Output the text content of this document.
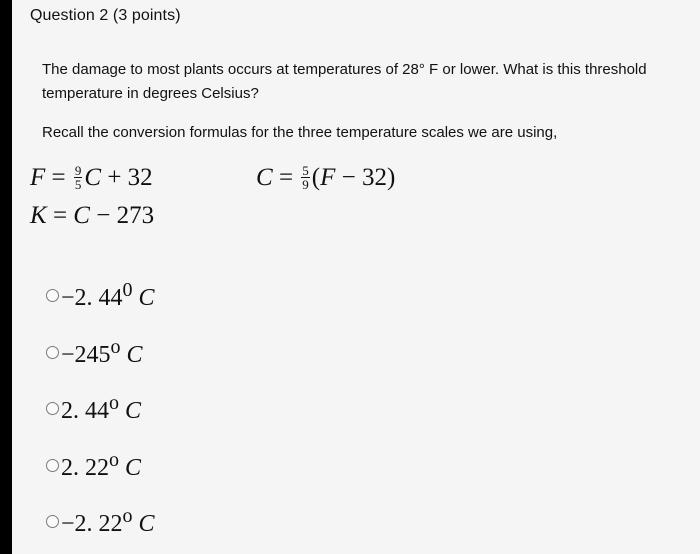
Question 2 (3 points)
The damage to most plants occurs at temperatures of 28° F or lower. What is this threshold temperature in degrees Celsius?
Recall the conversion formulas for the three temperature scales we are using,
$F = \frac{9}{5}$ C + 32	$C = \frac{5}{9} (F - 32)$
K = C − 273
−2. $44^0$ C
$-245^o$ C
2. 44$^o$ C
2. 22$^o$ C
−2. 22$^o$ C
